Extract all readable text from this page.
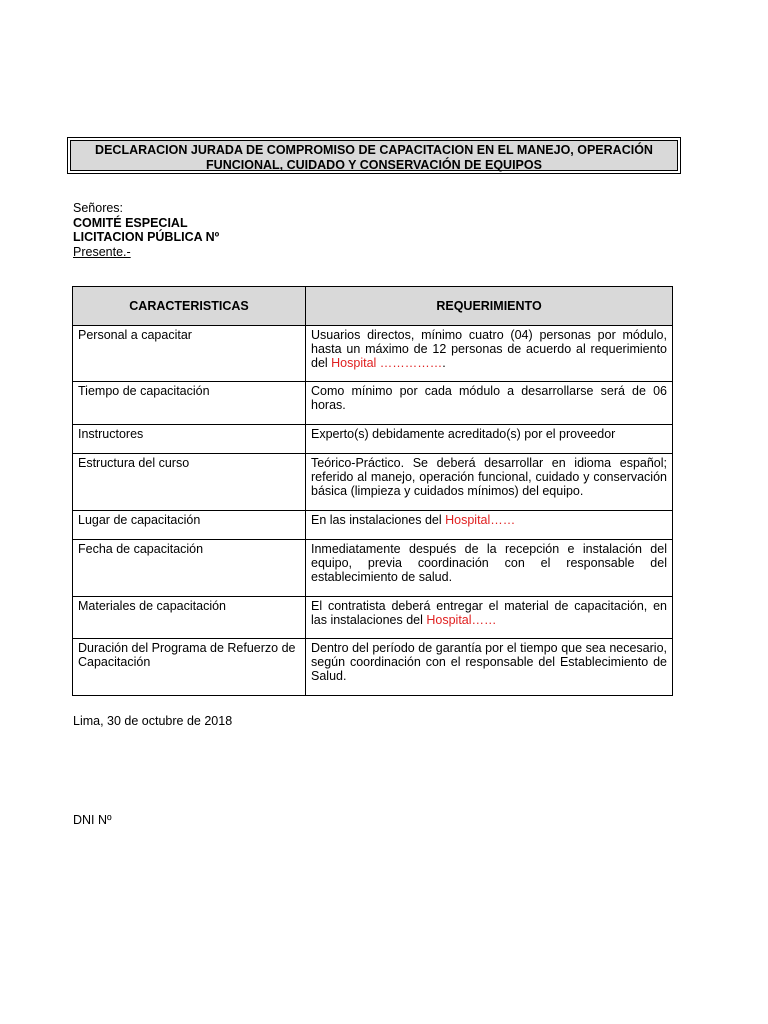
DECLARACION JURADA DE COMPROMISO DE CAPACITACION EN EL MANEJO, OPERACIÓN
FUNCIONAL, CUIDADO Y CONSERVACIÓN DE EQUIPOS
Señores:
COMITÉ ESPECIAL
LICITACION PÚBLICA Nº
Presente.-
CARACTERISTICAS	REQUERIMIENTO
Personal a capacitar	Usuarios directos, mínimo cuatro (04) personas por módulo, hasta un máximo de 12 personas de acuerdo al requerimiento del Hospital …………….
Tiempo de capacitación	Como mínimo por cada módulo a desarrollarse será de 06 horas.
Instructores	Experto(s) debidamente acreditado(s) por el proveedor
Estructura del curso	Teórico-Práctico. Se deberá desarrollar en idioma español; referido al manejo, operación funcional, cuidado y conservación básica (limpieza y cuidados mínimos) del equipo.
Lugar de capacitación	En las instalaciones del Hospital……
Fecha de capacitación	Inmediatamente después de la recepción e instalación del equipo, previa coordinación con el responsable del establecimiento de salud.
Materiales de capacitación	El contratista deberá entregar el material de capacitación, en las instalaciones del Hospital……
Duración del Programa de Refuerzo de Capacitación	Dentro del período de garantía por el tiempo que sea necesario, según coordinación con el responsable del Establecimiento de Salud.
Lima, 30 de octubre de 2018
DNI Nº
